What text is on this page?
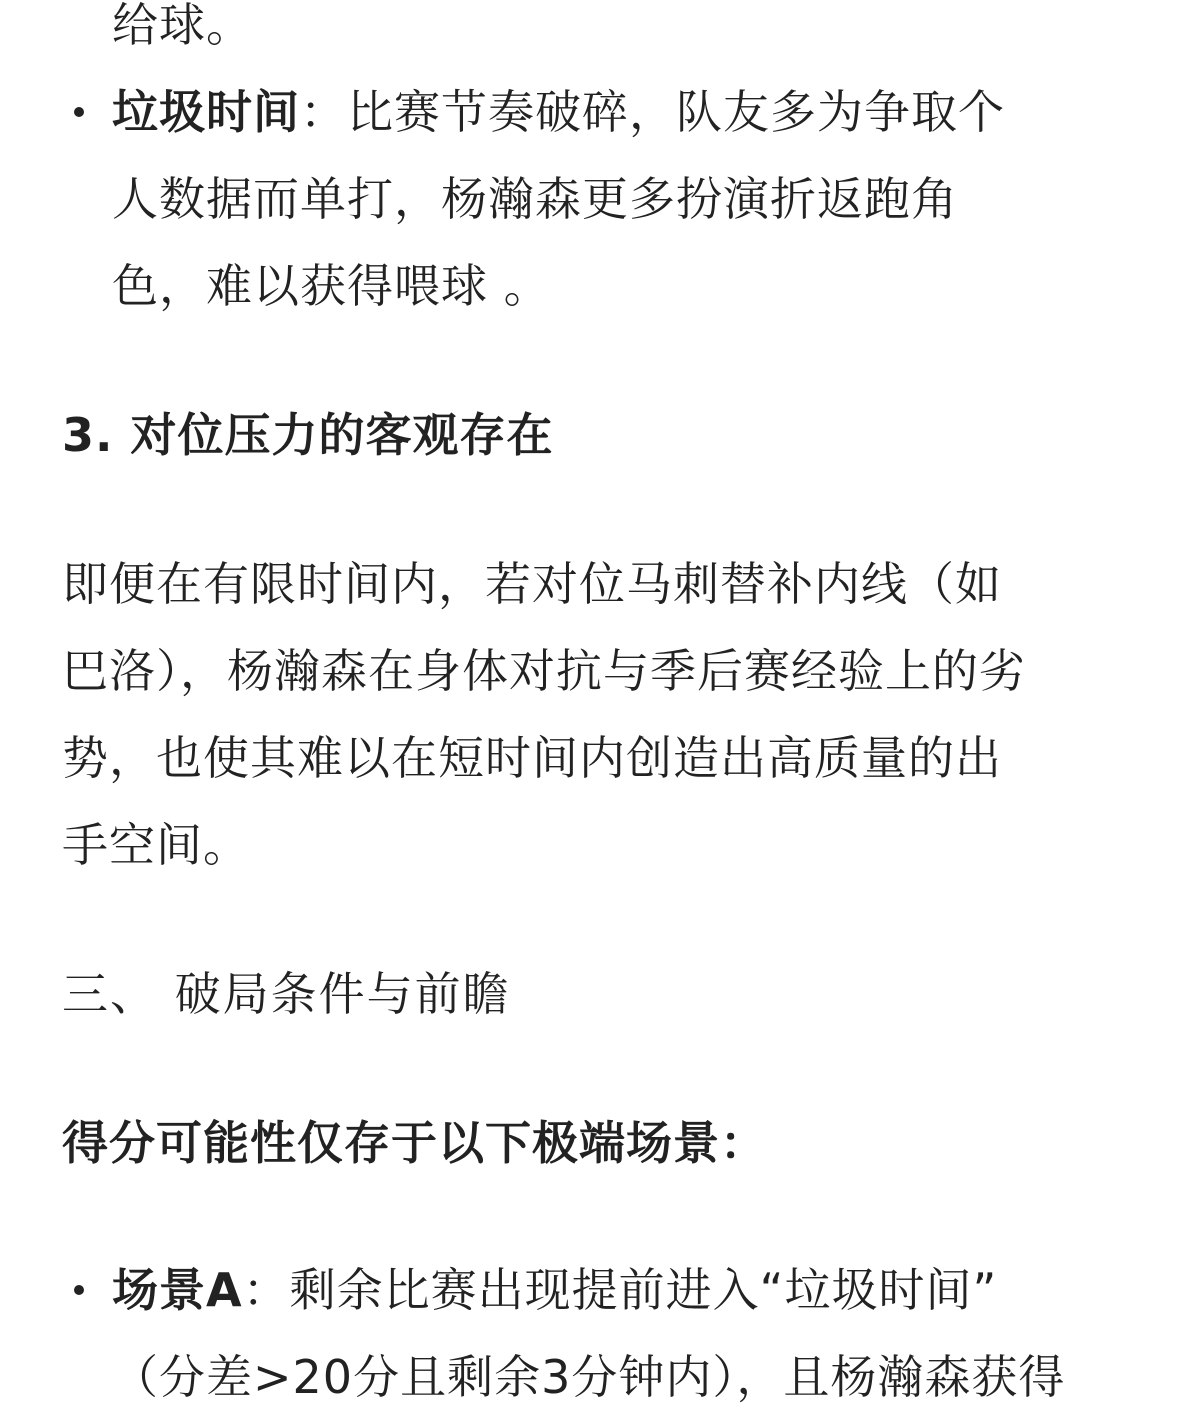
给球。
垃圾时间：比赛节奏破碎，队友多为争取个
人数据而单打，杨瀚森更多扮演折返跑角
色，难以获得喂球 。
3. 对位压力的客观存在
即便在有限时间内，若对位马刺替补内线（如
巴洛），杨瀚森在身体对抗与季后赛经验上的劣
势，也使其难以在短时间内创造出高质量的出
手空间。
三、 破局条件与前瞻
得分可能性仅存于以下极端场景：
场景A：剩余比赛出现提前进入“垃圾时间”
（分差>20分且剩余3分钟内），且杨瀚森获得
